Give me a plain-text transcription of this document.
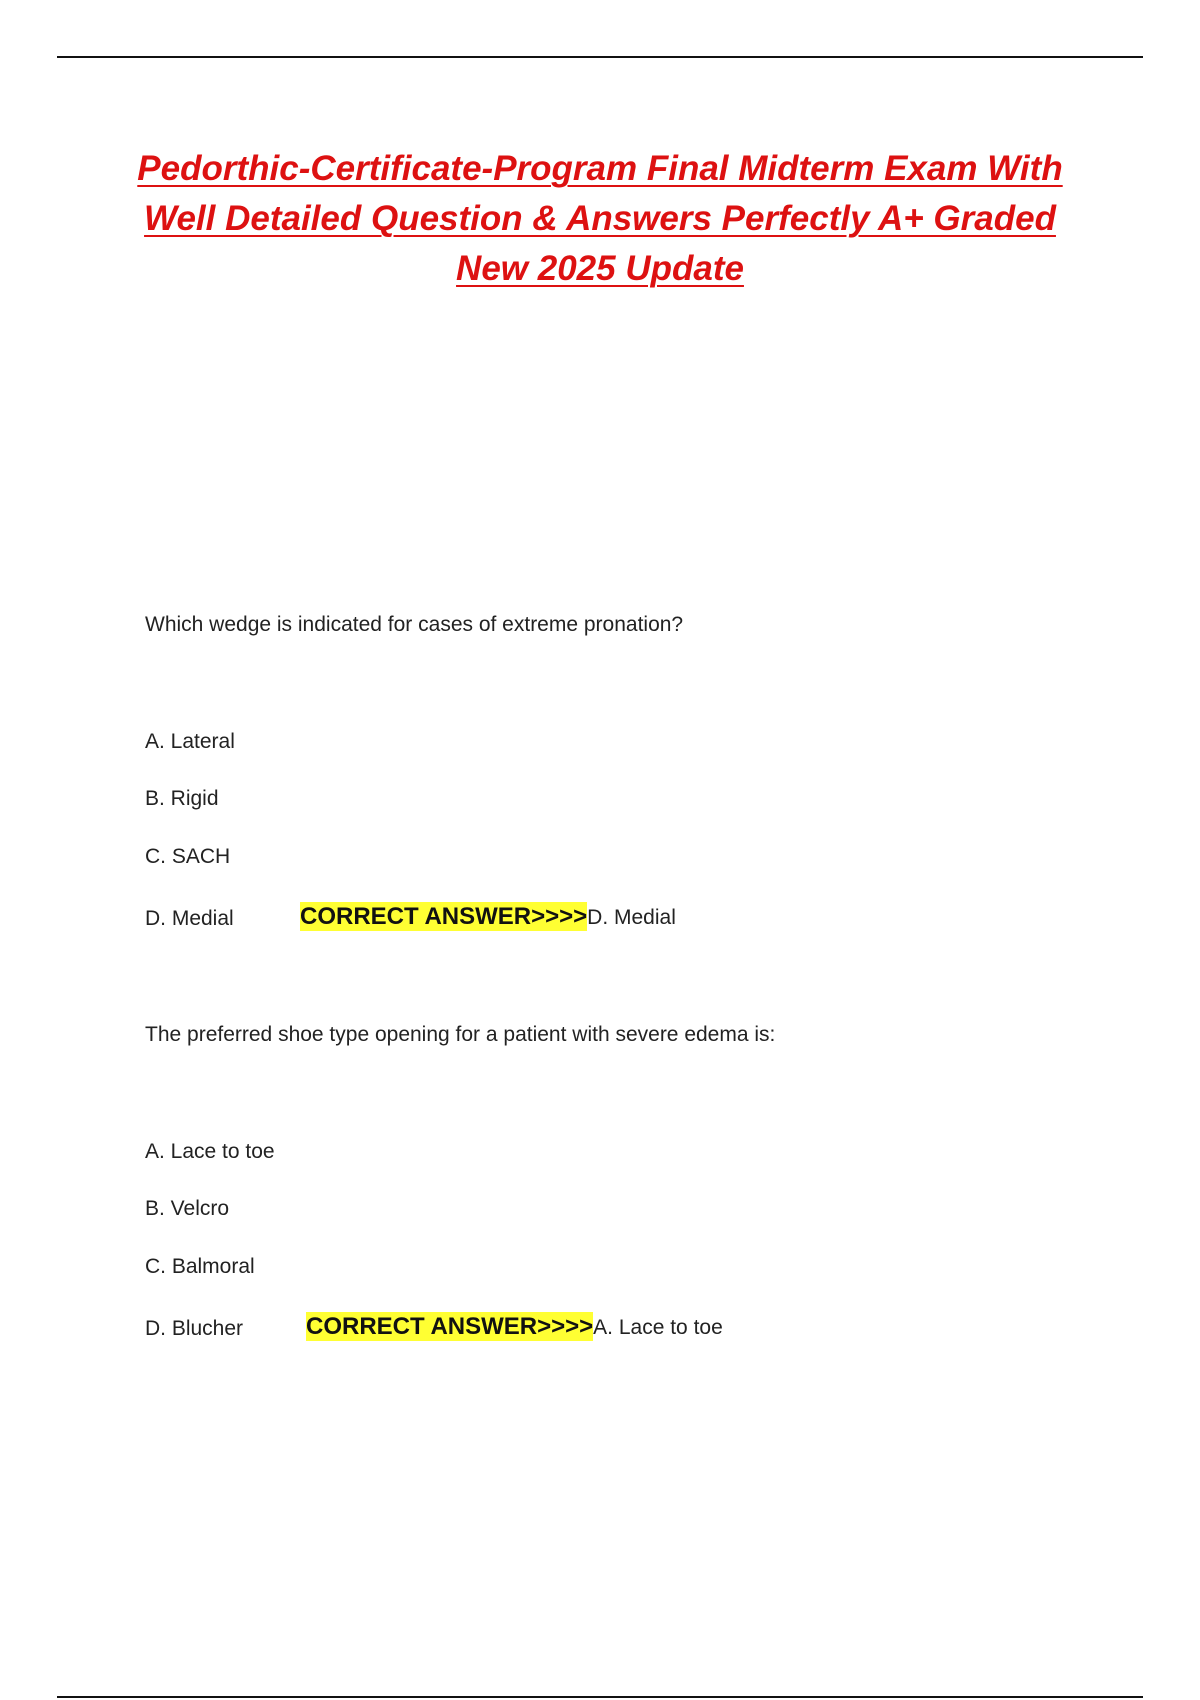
Pedorthic-Certificate-Program Final Midterm Exam With
Well Detailed Question & Answers Perfectly A+ Graded
New 2025 Update
Which wedge is indicated for cases of extreme pronation?
A. Lateral
B. Rigid
C. SACH
D. Medial	CORRECT ANSWER>>>>D. Medial
The preferred shoe type opening for a patient with severe edema is:
A. Lace to toe
B. Velcro
C. Balmoral
D. Blucher	CORRECT ANSWER>>>>A. Lace to toe
